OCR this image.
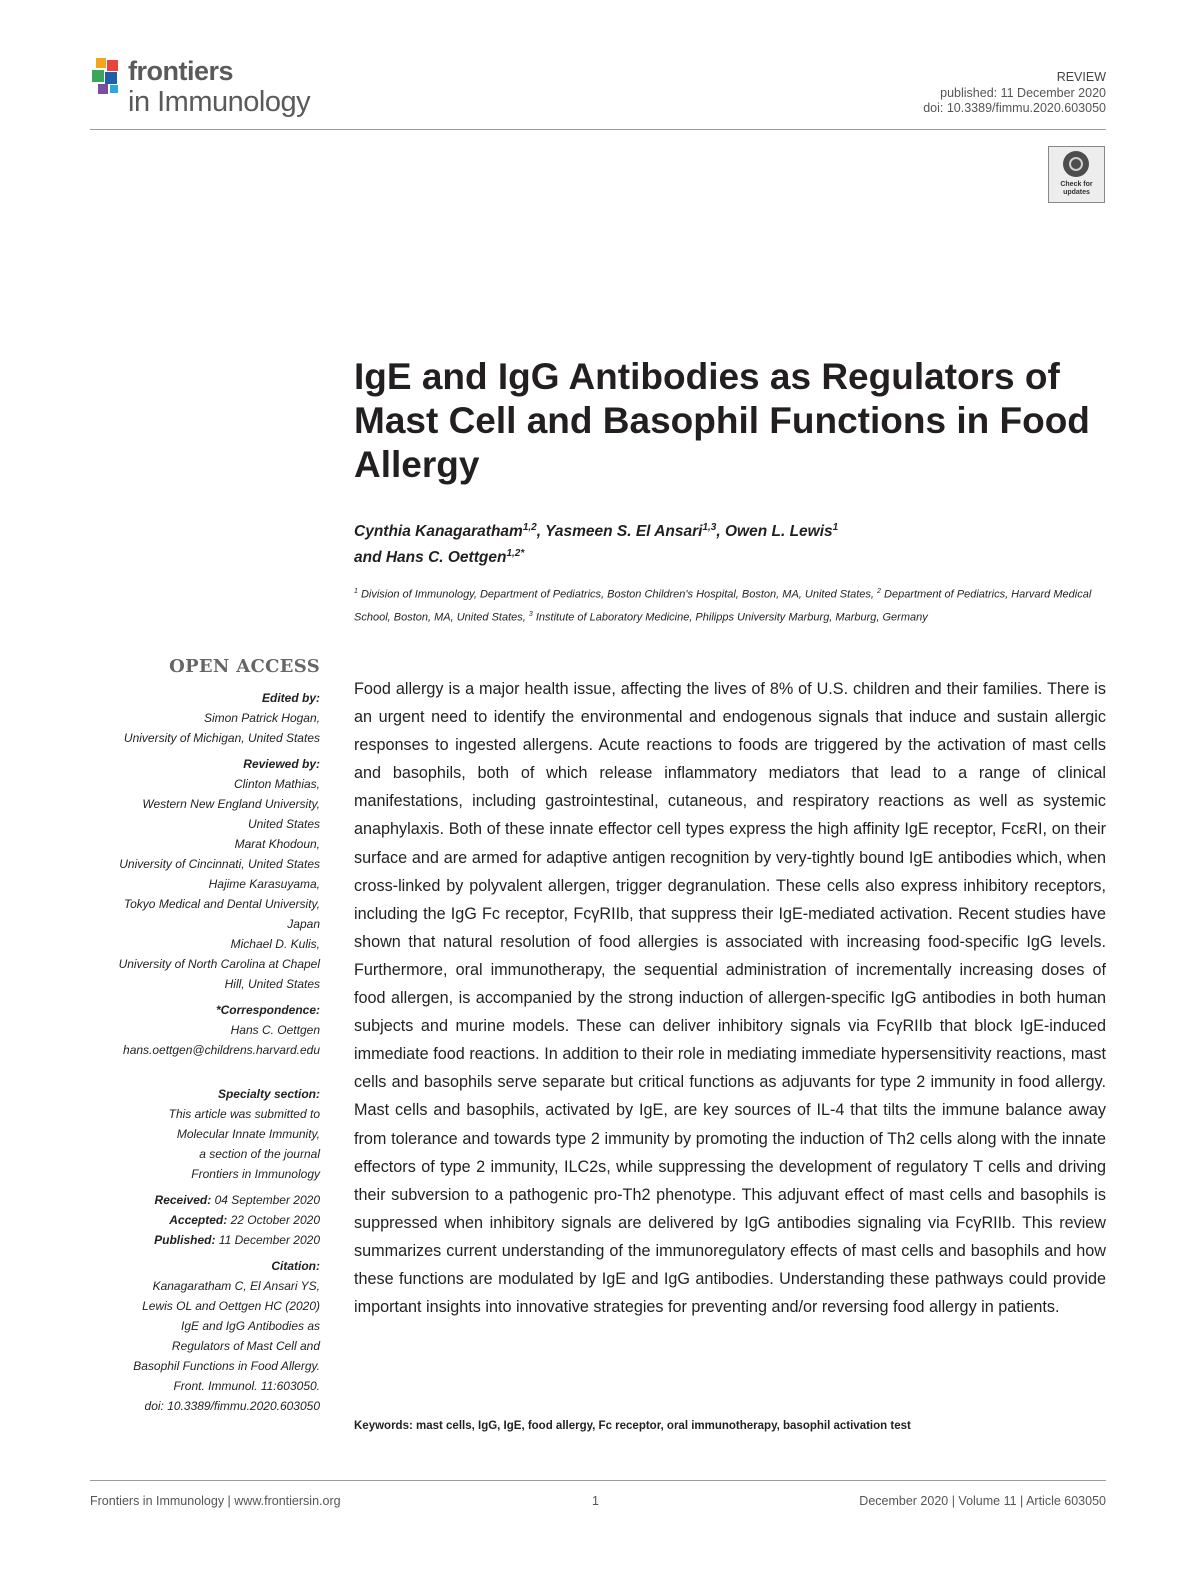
frontiers
in Immunology
REVIEW
published: 11 December 2020
doi: 10.3389/fimmu.2020.603050
Check for updates
IgE and IgG Antibodies as Regulators of Mast Cell and Basophil Functions in Food Allergy
Cynthia Kanagaratham$^{1,2}$, Yasmeen S. El Ansari$^{1,3}$, Owen L. Lewis$^1$
and Hans C. Oettgen$^{1,2*}$
$^1$ Division of Immunology, Department of Pediatrics, Boston Children's Hospital, Boston, MA, United States, $^2$ Department of Pediatrics, Harvard Medical School, Boston, MA, United States, $^3$ Institute of Laboratory Medicine, Philipps University Marburg, Marburg, Germany
OPEN ACCESS
Edited by:
Simon Patrick Hogan,
University of Michigan, United States
Reviewed by:
Clinton Mathias,
Western New England University,
United States
Marat Khodoun,
University of Cincinnati, United States
Hajime Karasuyama,
Tokyo Medical and Dental University,
Japan
Michael D. Kulis,
University of North Carolina at Chapel
Hill, United States
*Correspondence:
Hans C. Oettgen
hans.oettgen@childrens.harvard.edu
Specialty section:
This article was submitted to
Molecular Innate Immunity,
a section of the journal
Frontiers in Immunology
Received: 04 September 2020
Accepted: 22 October 2020
Published: 11 December 2020
Citation:
Kanagaratham C, El Ansari YS,
Lewis OL and Oettgen HC (2020)
IgE and IgG Antibodies as
Regulators of Mast Cell and
Basophil Functions in Food Allergy.
Front. Immunol. 11:603050.
doi: 10.3389/fimmu.2020.603050

Food allergy is a major health issue, affecting the lives of 8% of U.S. children and their families. There is an urgent need to identify the environmental and endogenous signals that induce and sustain allergic responses to ingested allergens. Acute reactions to foods are triggered by the activation of mast cells and basophils, both of which release inflammatory mediators that lead to a range of clinical manifestations, including gastrointestinal, cutaneous, and respiratory reactions as well as systemic anaphylaxis. Both of these innate effector cell types express the high affinity IgE receptor, FcεRI, on their surface and are armed for adaptive antigen recognition by very-tightly bound IgE antibodies which, when cross-linked by polyvalent allergen, trigger degranulation. These cells also express inhibitory receptors, including the IgG Fc receptor, FcγRIIb, that suppress their IgE-mediated activation. Recent studies have shown that natural resolution of food allergies is associated with increasing food-specific IgG levels. Furthermore, oral immunotherapy, the sequential administration of incrementally increasing doses of food allergen, is accompanied by the strong induction of allergen-specific IgG antibodies in both human subjects and murine models. These can deliver inhibitory signals via FcγRIIb that block IgE-induced immediate food reactions. In addition to their role in mediating immediate hypersensitivity reactions, mast cells and basophils serve separate but critical functions as adjuvants for type 2 immunity in food allergy. Mast cells and basophils, activated by IgE, are key sources of IL-4 that tilts the immune balance away from tolerance and towards type 2 immunity by promoting the induction of Th2 cells along with the innate effectors of type 2 immunity, ILC2s, while suppressing the development of regulatory T cells and driving their subversion to a pathogenic pro-Th2 phenotype. This adjuvant effect of mast cells and basophils is suppressed when inhibitory signals are delivered by IgG antibodies signaling via FcγRIIb. This review summarizes current understanding of the immunoregulatory effects of mast cells and basophils and how these functions are modulated by IgE and IgG antibodies. Understanding these pathways could provide important insights into innovative strategies for preventing and/or reversing food allergy in patients.

Keywords: mast cells, IgG, IgE, food allergy, Fc receptor, oral immunotherapy, basophil activation test
Frontiers in Immunology | www.frontiersin.org	1	December 2020 | Volume 11 | Article 603050
